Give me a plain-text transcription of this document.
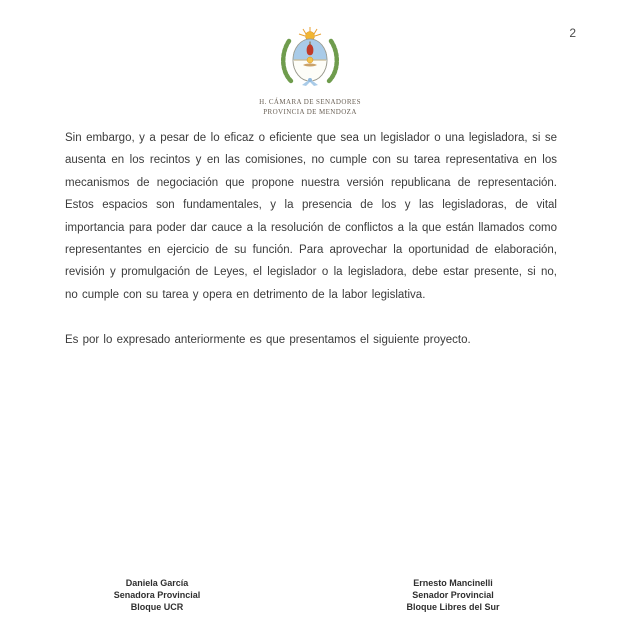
2
H. CÁMARA DE SENADORES
PROVINCIA DE MENDOZA

Sin embargo, y a pesar de lo eficaz o eficiente que sea un legislador o una legisladora, si se ausenta en los recintos y en las comisiones, no cumple con su tarea representativa en los mecanismos de negociación que propone nuestra versión republicana de representación. Estos espacios son fundamentales, y la presencia de los y las legisladoras, de vital importancia para poder dar cauce a la resolución de conflictos a la que están llamados como representantes en ejercicio de su función. Para aprovechar la oportunidad de elaboración, revisión y promulgación de Leyes, el legislador o la legisladora, debe estar presente, si no, no cumple con su tarea y opera en detrimento de la labor legislativa.

Es por lo expresado anteriormente es que presentamos el siguiente proyecto.

Daniela García
Senadora Provincial
Bloque UCR
Ernesto Mancinelli
Senador Provincial
Bloque Libres del Sur
